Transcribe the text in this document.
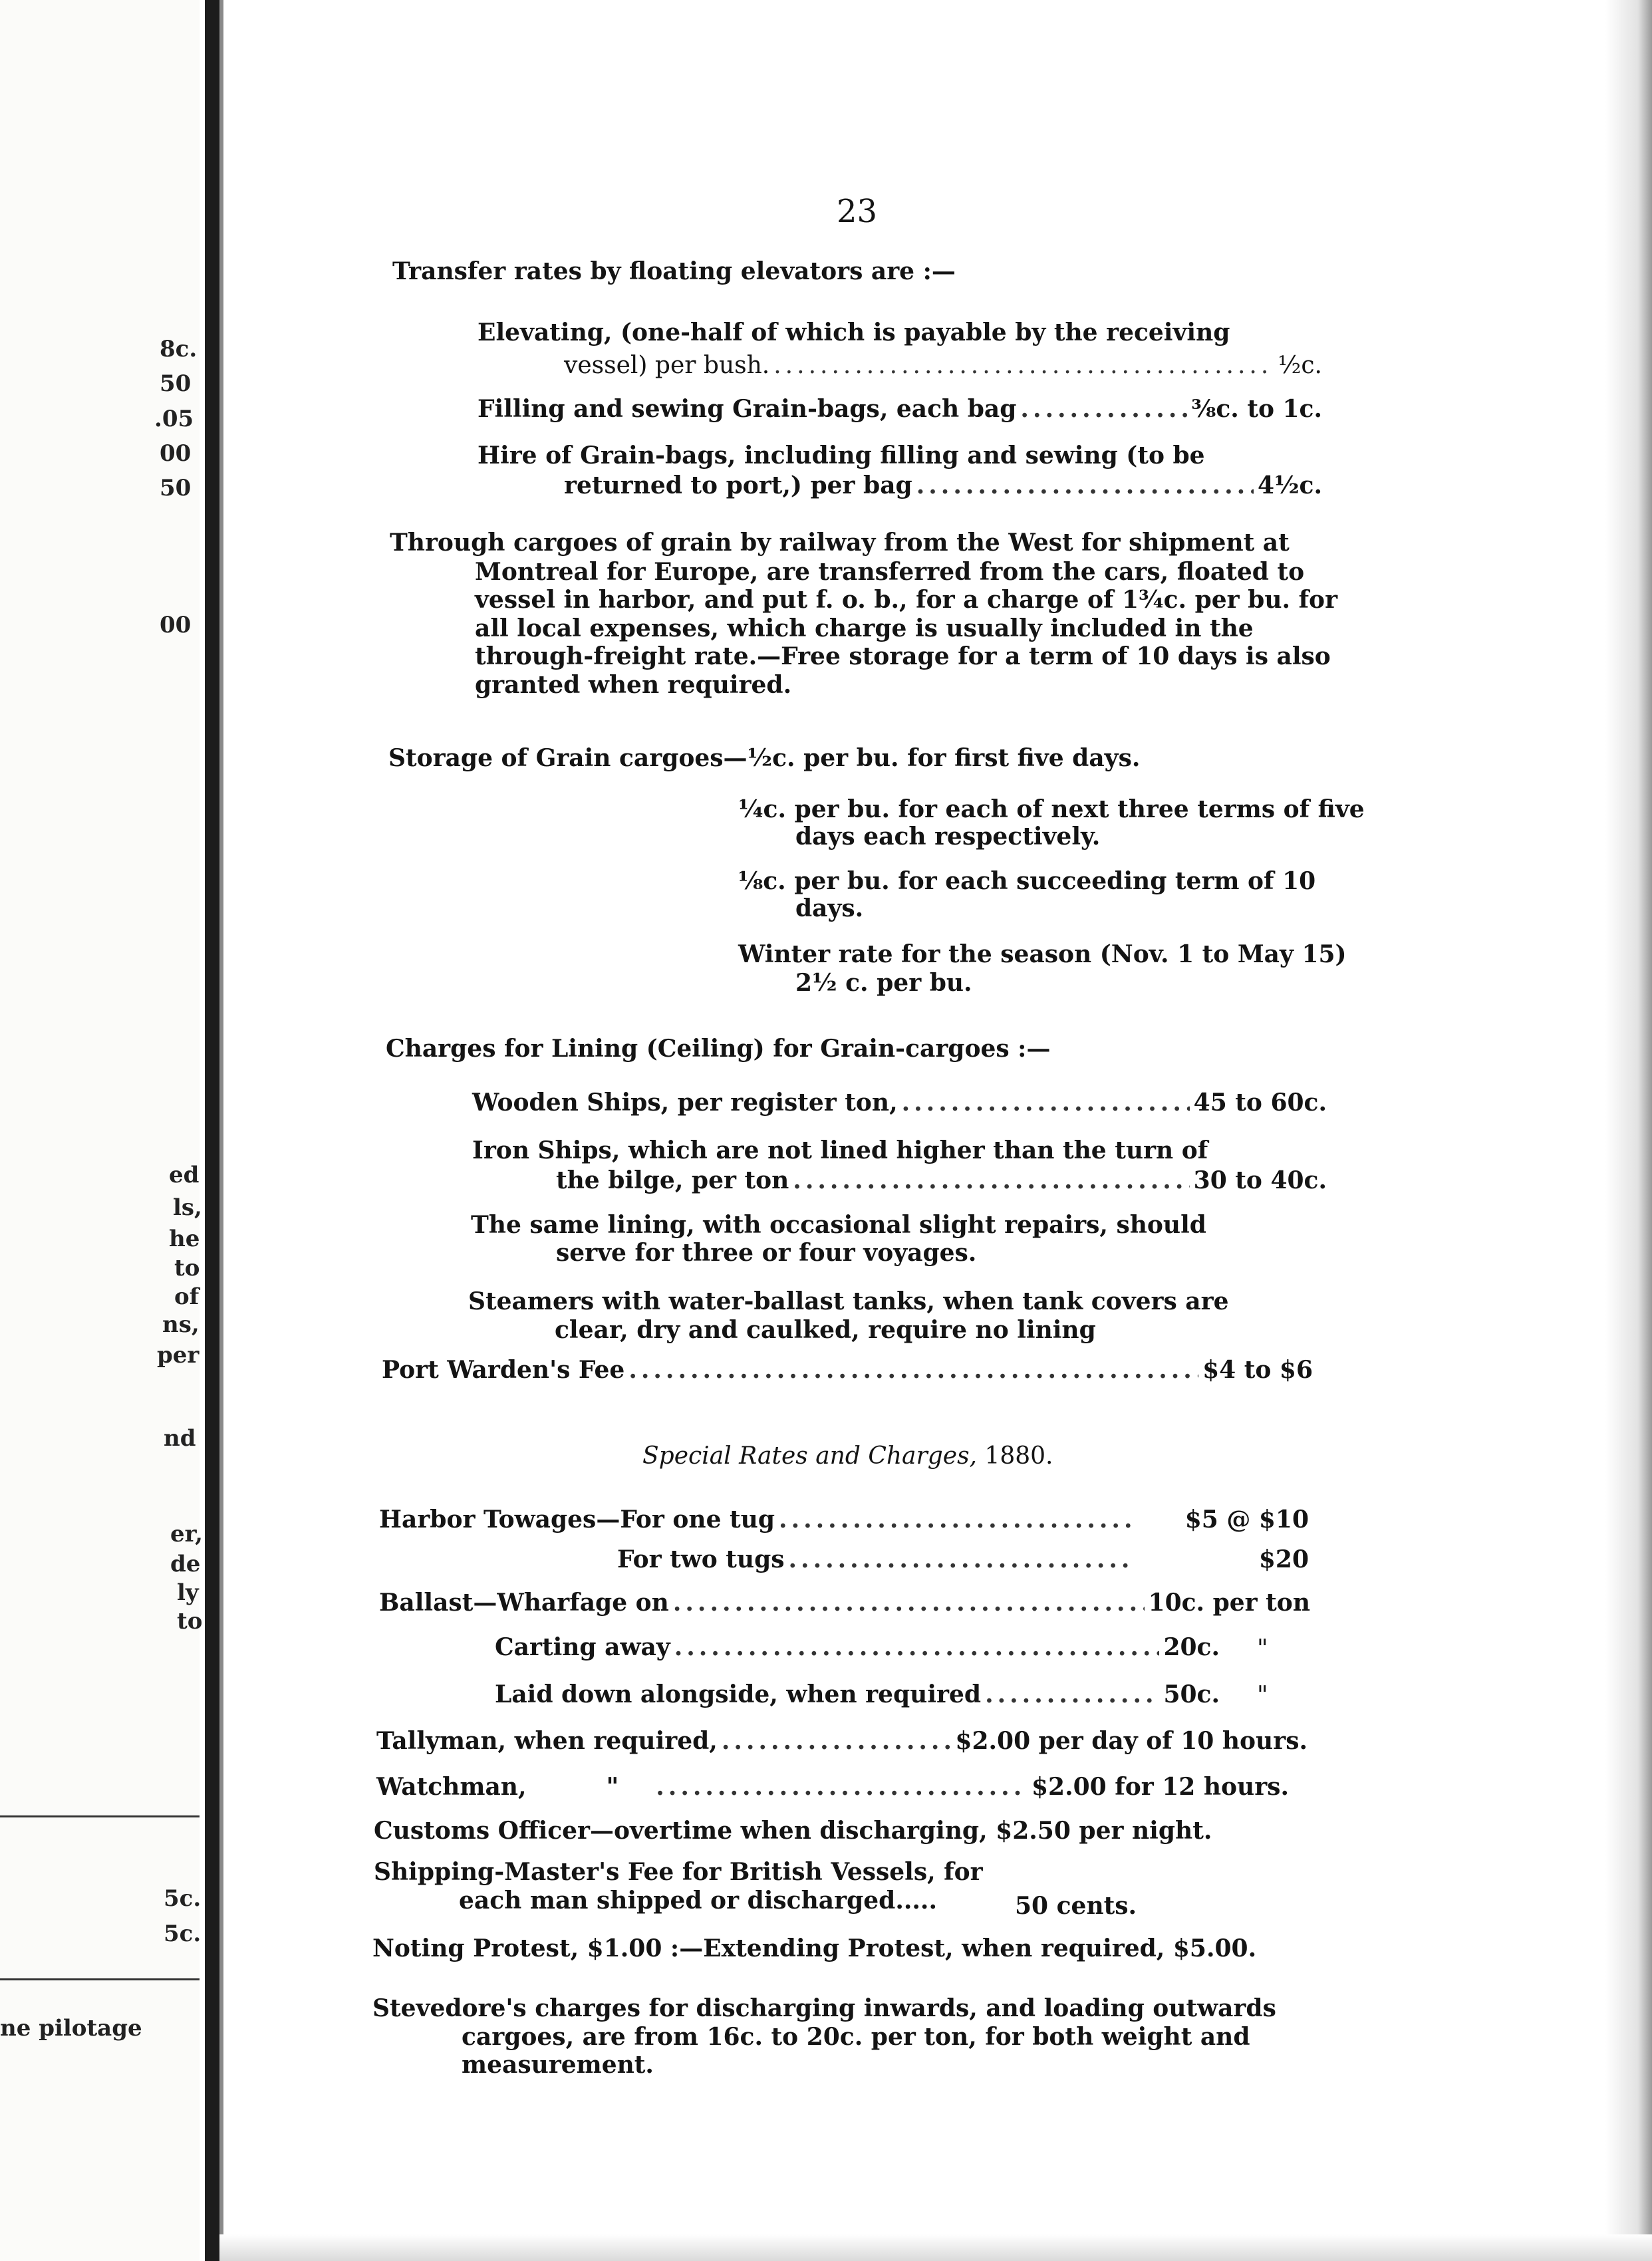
8c.
50
.05
00
50
00
ed
ls,
he
to
of
ns,
per
nd
er,
de
ly
to
5c.
5c.
ne pilotage
23
Transfer rates by floating elevators are :—
Elevating, (one-half of which is payable by the receiving
vessel) per bush. .....	½c.
Filling and sewing Grain-bags, each bag .....	⅜c. to 1c.
Hire of Grain-bags, including filling and sewing (to be
returned to port,) per bag .....	4½c.
Through cargoes of grain by railway from the West for shipment at
Montreal for Europe, are transferred from the cars, floated to
vessel in harbor, and put f. o. b., for a charge of 1¾c. per bu. for
all local expenses, which charge is usually included in the
through-freight rate.—Free storage for a term of 10 days is also
granted when required.
Storage of Grain cargoes—½c. per bu. for first five days.
¼c. per bu. for each of next three terms of five
days each respectively.
⅛c. per bu. for each succeeding term of 10
days.
Winter rate for the season (Nov. 1 to May 15)
2½ c. per bu.
Charges for Lining (Ceiling) for Grain-cargoes :—
Wooden Ships, per register ton, .....	45 to 60c.
Iron Ships, which are not lined higher than the turn of
the bilge, per ton .....	30 to 40c.
The same lining, with occasional slight repairs, should
serve for three or four voyages.
Steamers with water-ballast tanks, when tank covers are
clear, dry and caulked, require no lining
Port Warden's Fee .....	$4 to $6
Special Rates and Charges, 1880.
Harbor Towages—For one tug .....	$5 @ $10
For two tugs .....	$20
Ballast—Wharfage on .....	10c. per ton
Carting away .....	20c. "
Laid down alongside, when required .....	50c. "
Tallyman, when required, .....	$2.00 per day of 10 hours.
Watchman,	" .....	$2.00 for 12 hours.
Customs Officer—overtime when discharging, $2.50 per night.
Shipping-Master's Fee for British Vessels, for
each man shipped or discharged.....	50 cents.
Noting Protest, $1.00 :—Extending Protest, when required, $5.00.
Stevedore's charges for discharging inwards, and loading outwards
cargoes, are from 16c. to 20c. per ton, for both weight and
measurement.
